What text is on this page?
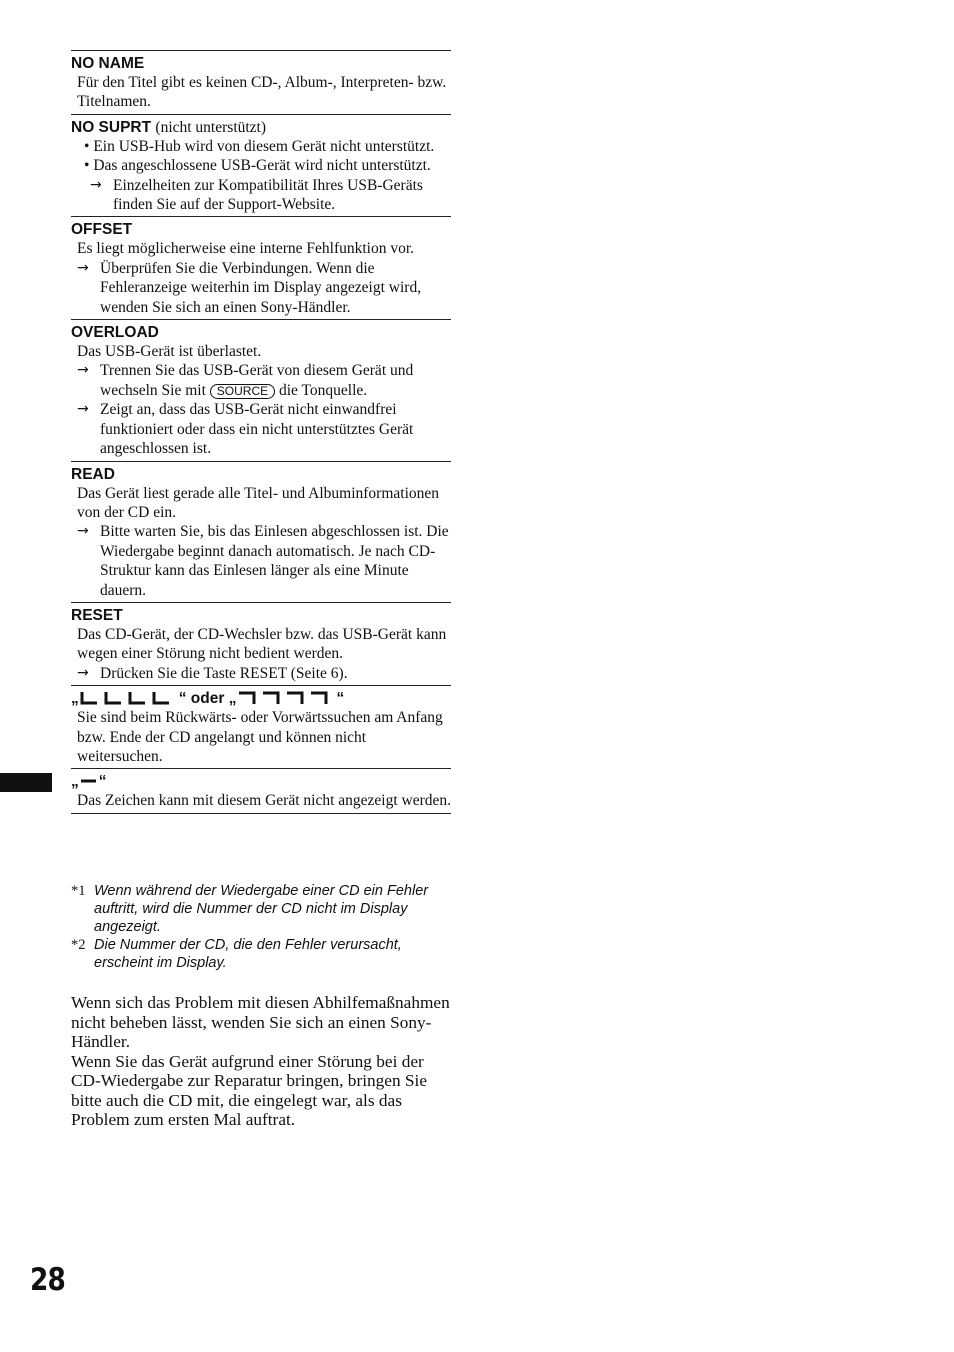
NO NAME
Für den Titel gibt es keinen CD-, Album-, Interpreten- bzw. Titelnamen.
NO SUPRT (nicht unterstützt)
• Ein USB-Hub wird von diesem Gerät nicht unterstützt.
• Das angeschlossene USB-Gerät wird nicht unterstützt.
→ Einzelheiten zur Kompatibilität Ihres USB-Geräts finden Sie auf der Support-Website.
OFFSET
Es liegt möglicherweise eine interne Fehlfunktion vor.
→ Überprüfen Sie die Verbindungen. Wenn die Fehleranzeige weiterhin im Display angezeigt wird, wenden Sie sich an einen Sony-Händler.
OVERLOAD
Das USB-Gerät ist überlastet.
→ Trennen Sie das USB-Gerät von diesem Gerät und wechseln Sie mit SOURCE die Tonquelle.
→ Zeigt an, dass das USB-Gerät nicht einwandfrei funktioniert oder dass ein nicht unterstütztes Gerät angeschlossen ist.
READ
Das Gerät liest gerade alle Titel- und Albuminformationen von der CD ein.
→ Bitte warten Sie, bis das Einlesen abgeschlossen ist. Die Wiedergabe beginnt danach automatisch. Je nach CD-Struktur kann das Einlesen länger als eine Minute dauern.
RESET
Das CD-Gerät, der CD-Wechsler bzw. das USB-Gerät kann wegen einer Störung nicht bedient werden.
→ Drücken Sie die Taste RESET (Seite 6).
„	“ oder „	“
Sie sind beim Rückwärts- oder Vorwärtssuchen am Anfang bzw. Ende der CD angelangt und können nicht weitersuchen.
„ “
Das Zeichen kann mit diesem Gerät nicht angezeigt werden.
*1 Wenn während der Wiedergabe einer CD ein Fehler auftritt, wird die Nummer der CD nicht im Display angezeigt.
*2 Die Nummer der CD, die den Fehler verursacht, erscheint im Display.

Wenn sich das Problem mit diesen Abhilfemaßnahmen nicht beheben lässt, wenden Sie sich an einen Sony-Händler.

Wenn Sie das Gerät aufgrund einer Störung bei der CD-Wiedergabe zur Reparatur bringen, bringen Sie bitte auch die CD mit, die eingelegt war, als das Problem zum ersten Mal auftrat.

28
